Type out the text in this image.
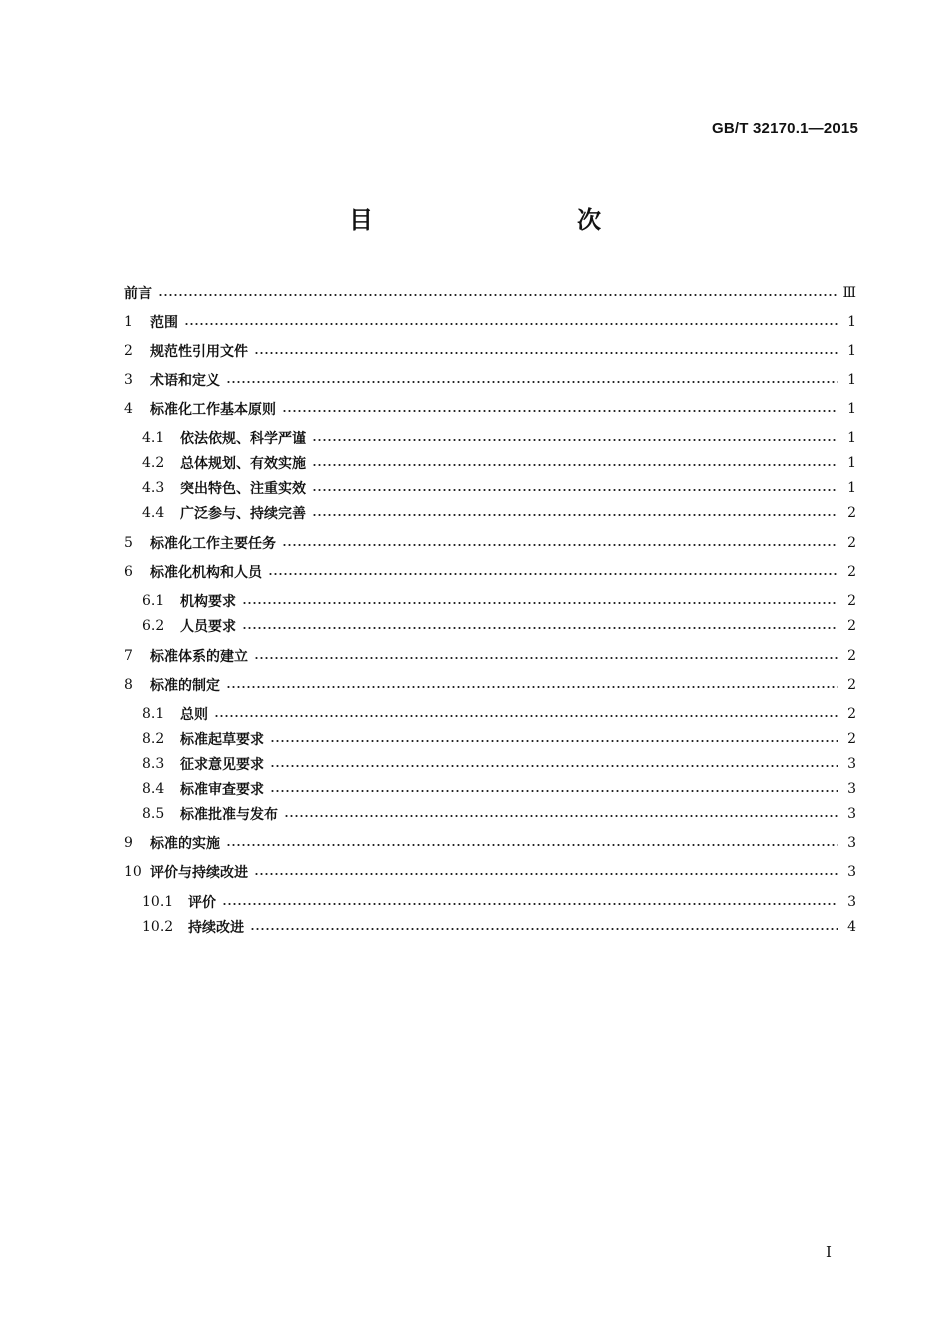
GB/T 32170.1—2015
目　　次
前言	Ⅲ
1	范围	1
2	规范性引用文件	1
3	术语和定义	1
4	标准化工作基本原则	1
4.1	依法依规、科学严谨	1
4.2	总体规划、有效实施	1
4.3	突出特色、注重实效	1
4.4	广泛参与、持续完善	2
5	标准化工作主要任务	2
6	标准化机构和人员	2
6.1	机构要求	2
6.2	人员要求	2
7	标准体系的建立	2
8	标准的制定	2
8.1	总则	2
8.2	标准起草要求	2
8.3	征求意见要求	3
8.4	标准审查要求	3
8.5	标准批准与发布	3
9	标准的实施	3
10 评价与持续改进	3
10.1	评价	3
10.2	持续改进	4
I
